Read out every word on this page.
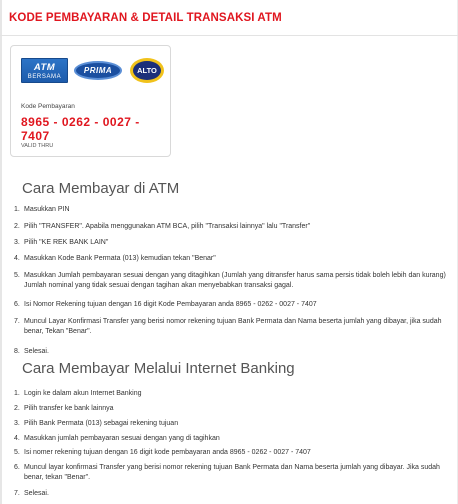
KODE PEMBAYARAN & DETAIL TRANSAKSI ATM
ATM
BERSAMA
PRIMA	ALTO
Kode Pembayaran
8965 - 0262 - 0027 - 7407
VALID THRU
Cara Membayar di ATM
1. Masukkan PIN
2. Pilih "TRANSFER". Apabila menggunakan ATM BCA, pilih "Transaksi lainnya" lalu "Transfer"
3. Pilih "KE REK BANK LAIN"
4. Masukkan Kode Bank Permata (013) kemudian tekan "Benar"
5. Masukkan Jumlah pembayaran sesuai dengan yang ditagihkan (Jumlah yang ditransfer harus sama persis tidak boleh lebih dan kurang) Jumlah nominal yang tidak sesuai dengan tagihan akan menyebabkan transaksi gagal.
6. Isi Nomor Rekening tujuan dengan 16 digit Kode Pembayaran anda 8965 - 0262 - 0027 - 7407
7. Muncul Layar Konfirmasi Transfer yang berisi nomor rekening tujuan Bank Permata dan Nama beserta jumlah yang dibayar, jika sudah benar, Tekan "Benar".
8. Selesai.
Cara Membayar Melalui Internet Banking
1. Login ke dalam akun Internet Banking
2. Pilih transfer ke bank lainnya
3. Pilih Bank Permata (013) sebagai rekening tujuan
4. Masukkan jumlah pembayaran sesuai dengan yang di tagihkan
5. Isi nomer rekening tujuan dengan 16 digit kode pembayaran anda 8965 - 0262 - 0027 - 7407
6. Muncul layar konfirmasi Transfer yang berisi nomor rekening tujuan Bank Permata dan Nama beserta jumlah yang dibayar. Jika sudah benar, tekan "Benar".
7. Selesai.
